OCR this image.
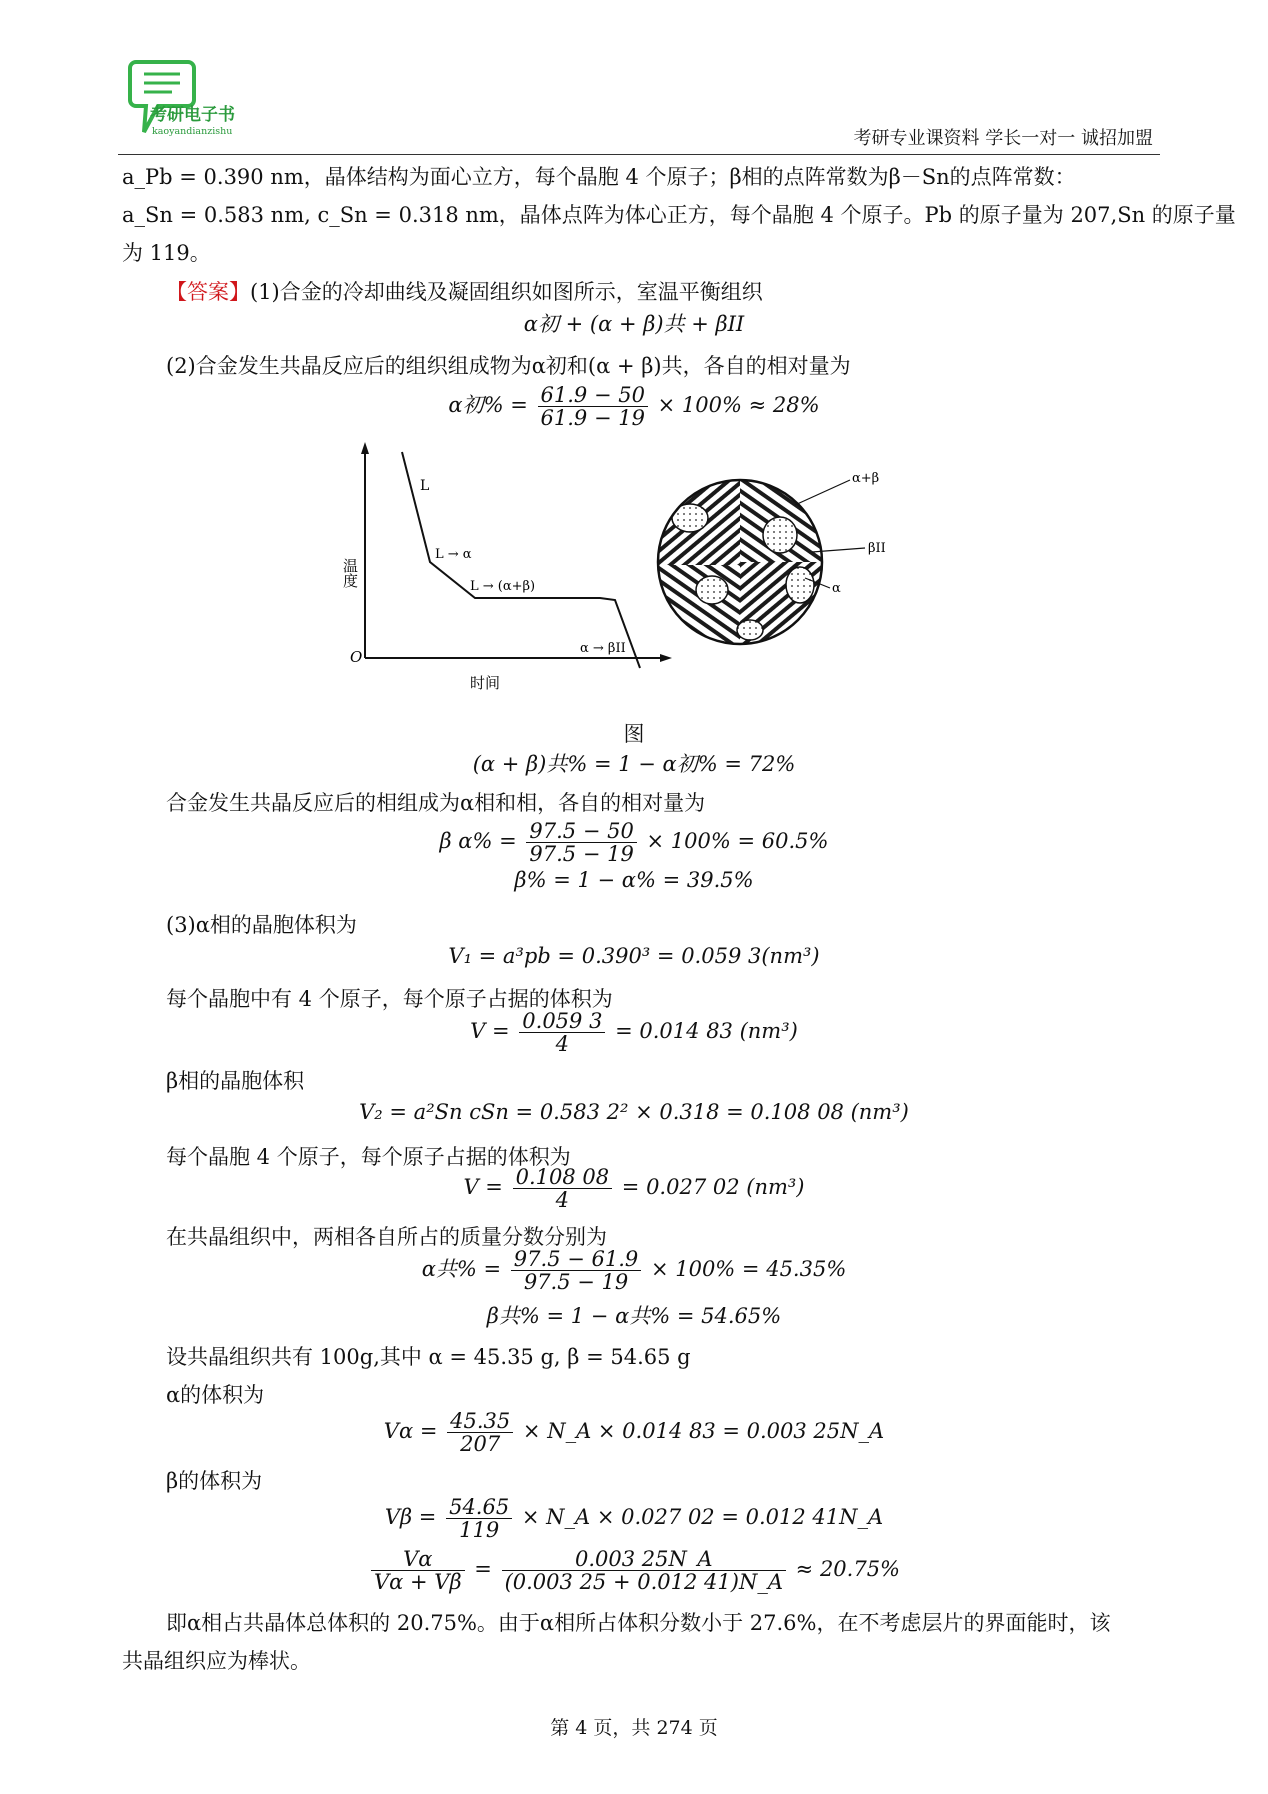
考研电子书
kaoyandianzishu	考研专业课资料 学长一对一 诚招加盟
a_Pb = 0.390 nm，晶体结构为面心立方，每个晶胞 4 个原子；β相的点阵常数为β－Sn的点阵常数：
a_Sn = 0.583 nm, c_Sn = 0.318 nm，晶体点阵为体心正方，每个晶胞 4 个原子。Pb 的原子量为 207,Sn 的原子量
为 119。
【答案】(1)合金的冷却曲线及凝固组织如图所示，室温平衡组织
α初 + (α + β)共 + βII
(2)合金发生共晶反应后的组织组成物为α初和(α + β)共，各自的相对量为
α初% = $\frac{61.9 - 50}{61.9 - 19} \times 100\% \approx 28\%$
O
温度
时间
L
L → α
L → (α+β)
α → βII
α+β
βII
α
图
(α + β)共% = 1 − α初% = 72%
合金发生共晶反应后的相组成为α相和相，各自的相对量为
β $\alpha\% = \frac{97.5 - 50}{97.5 - 19} \times 100\% = 60.5\%$
β% = 1 − α% = 39.5%
(3)α相的晶胞体积为
V₁ = a³pb = 0.390³ = 0.059 3(nm³)
每个晶胞中有 4 个原子，每个原子占据的体积为
$V = \frac{0.059 3}{4} = 0.014$ 83 (nm³)
β相的晶胞体积
V₂ = a²Sn cSn = 0.583 2² × 0.318 = 0.108 08 (nm³)
每个晶胞 4 个原子，每个原子占据的体积为
$V = \frac{0.108 08}{4} = 0.027$ 02 (nm³)
在共晶组织中，两相各自所占的质量分数分别为
α共% = $\frac{97.5 - 61.9}{97.5 - 19} \times 100\% = 45.35\%$
β共% = 1 − α共% = 54.65%
设共晶组织共有 100g,其中 α = 45.35 g, β = 54.65 g
α的体积为
$V\alpha = \frac{45.35}{207}$ × N_A × 0.014 83 = 0.003 25N_A
β的体积为
$V\beta = \frac{54.65}{119}$ × N_A × 0.027 02 = 0.012 41N_A
$\frac{V\alpha}{V\alpha + V\beta} = \frac{0.003 25N\_A}{(0.003 25 + 0.012 41)N\_A} \approx 20.75\%$
即α相占共晶体总体积的 20.75%。由于α相所占体积分数小于 27.6%，在不考虑层片的界面能时，该
共晶组织应为棒状。
第 4 页，共 274 页
